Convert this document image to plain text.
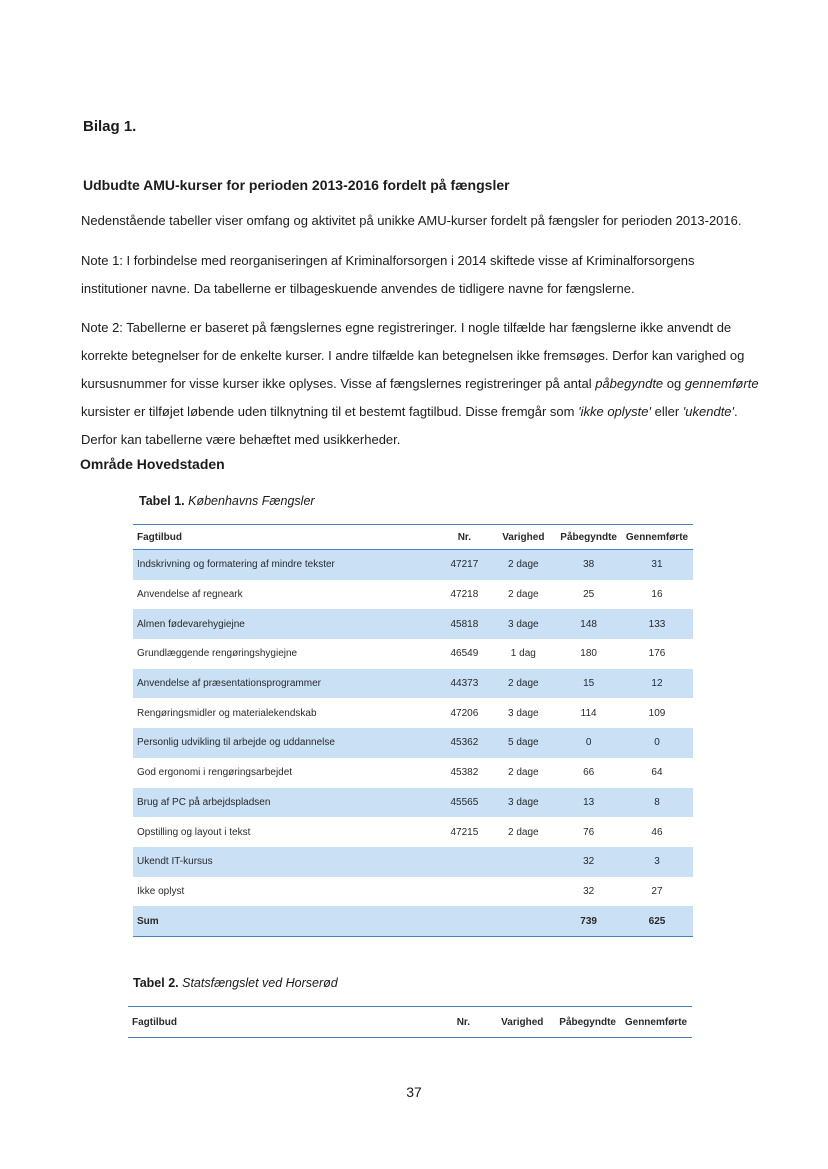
Bilag 1.
Udbudte AMU-kurser for perioden 2013-2016 fordelt på fængsler
Nedenstående tabeller viser omfang og aktivitet på unikke AMU-kurser fordelt på fængsler for perioden 2013-2016.
Note 1: I forbindelse med reorganiseringen af Kriminalforsorgen i 2014 skiftede visse af Kriminalforsorgens
institutioner navne. Da tabellerne er tilbageskuende anvendes de tidligere navne for fængslerne.
Note 2: Tabellerne er baseret på fængslernes egne registreringer. I nogle tilfælde har fængslerne ikke anvendt de
korrekte betegnelser for de enkelte kurser. I andre tilfælde kan betegnelsen ikke fremsøges. Derfor kan varighed og
kursusnummer for visse kurser ikke oplyses. Visse af fængslernes registreringer på antal påbegyndte og gennemførte
kursister er tilføjet løbende uden tilknytning til et bestemt fagtilbud. Disse fremgår som 'ikke oplyste' eller 'ukendte'.
Derfor kan tabellerne være behæftet med usikkerheder.
Område Hovedstaden
Tabel 1. Københavns Fængsler
Fagtilbud	Nr.	Varighed	Påbegyndte	Gennemførte
Indskrivning og formatering af mindre tekster	47217	2 dage	38	31
Anvendelse af regneark	47218	2 dage	25	16
Almen fødevarehygiejne	45818	3 dage	148	133
Grundlæggende rengøringshygiejne	46549	1 dag	180	176
Anvendelse af præsentationsprogrammer	44373	2 dage	15	12
Rengøringsmidler og materialekendskab	47206	3 dage	114	109
Personlig udvikling til arbejde og uddannelse	45362	5 dage	0	0
God ergonomi i rengøringsarbejdet	45382	2 dage	66	64
Brug af PC på arbejdspladsen	45565	3 dage	13	8
Opstilling og layout i tekst	47215	2 dage	76	46
Ukendt IT-kursus			32	3
Ikke oplyst			32	27
Sum			739	625
Tabel 2. Statsfængslet ved Horserød
Fagtilbud	Nr.	Varighed	Påbegyndte	Gennemførte
37
